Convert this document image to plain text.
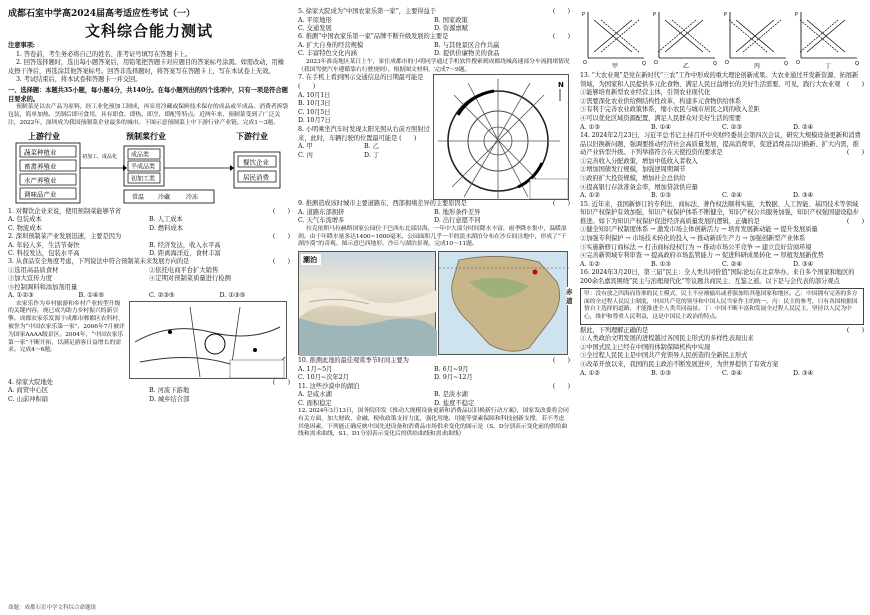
成都石室中学高2024届高考适应性考试（一）
文科综合能力测试
注意事项:
1. 答卷前，考生务必将自己的姓名、准考证号填写在答题卡上。
2. 回答选择题时，选出每小题答案后，用铅笔把答题卡对应题目的答案标号涂黑。如需改动，用橡皮擦干净后，再选涂其他答案标号。回答非选择题时，将答案写在答题卡上，写在本试卷上无效。
3. 考试结束后，将本试卷和答题卡一并交回。
一、选择题：本题共35小题，每小题4分，共140分。在每小题列出的四个选项中，只有一项是符合题目要求的。
预制菜是以农产品为原料，经工业化预加工制成，再采用冷藏或保鲜技术保存的成品或半成品。消费者拆袋包装，简单加热、烹制后即可食用，具有即食、即热、即烹、即配等特点。近两年来，预制菜受到了广泛关注，2022年，深圳成为我国预制菜企业最多的城市。下图示意预制菜上中下游行业产业链。完成1～3题。
上游行业	预制菜行业	下游行业
蔬菜种植业
畜禽养殖业
水产养殖业
调味品产业
成品类
半成品类
初加工类
初加工、成品化
餐饮企业
居民消费
常温 冷藏	冷冻
1. 对餐饮企业来说，使用预制菜能够节省	(　　)
A. 包装成本	B. 人工成本
C. 物流成本	D. 燃料成本
2. 深圳预制菜产业发展迅速，主要是因为	(　　)
A. 年轻人多，生活节奏快	B. 经济发达，收入水平高
C. 科技发达，包装水平高	D. 距离海洋近，食材丰富
3. 从食品安全角度考虑，下列说法中符合预制菜未来发展方向的是	(　　)
①选用高品质食材	②依托电商平台扩大销售
③加大宣传力度	④定期对预制菜质量进行检测
⑤控制调料和添加剂用量
A. ①②③	B. ①④⑤	C. ②③⑤	D. ①③⑤
农家乐作为乡村旅游和乡村产业转型升级的关键内容，现已成为助力乡村振兴的新引擎。成都农家乐发源于成都市郫都区农科村，被誉为“中国农家乐第一家”，2006年7月被评为国家AAAA级景区。2004年，“中国农家乐第一家”不断开拓，以满足游客日益增长的需求。完成4～6题。
4. 徐家大院地处	(　　)
A. 商贸中心区	B. 河流下游地
C. 山前冲积扇	D. 城乡结合部
5. 徐家大院成为“中国农家乐第一家”，主要得益于	(　　)
A. 平原地形	B. 国家政策
C. 交通发展	D. 资源禀赋
6. 推测“中国农家乐第一家”品牌不断升级发展的主要是	(　　)
A. 扩大自身的经营规模	B. 与其他景区合作共赢
C. 丰富特色文化内涵	D. 提供价廉物美的食品
2023年淮南地区某日上午，家住成都市的小明同学通过手机软件搜索到成都绕城高速部分车流拥堵情况（我国驾驶汽车遵循靠右行驶规则）。根据图文材料，完成7～9题。
7. 在手机上看到图示交通信息的日期最可能是 (　　)
A. 10月1日
B. 10月3日
C. 10月5日
D. 10月7日
8. 小明乘坐汽车时发现太阳光照从右前方照射过来，此时，车辆行驶的位置最可能是 (　　)
A. 甲	B. 乙
C. 丙	D. 丁
N
9. 推测造成该时城市主要道路东、西部拥堵差异的主要原因是	(　　)
A. 道路东部拥挤	B. 地形条件差异
C. 天气车流增多	D. 出行意愿不同
拉克依斯马拉赫斯国家公园位于巴西东北部沿海，一年中大部分时间降水丰富，雨季降水集中，温暖湿润。由于年降水量多达1400~1600毫米，公园面积几乎一半的淡水湖泊分布在沙丘间洼地中，形成了“千湖沙漠”的奇观。图示意巴西地形、沙丘与湖泊景观。完成10～11题。
潮泊
赤道
10. 推测此地的最佳观赏季节时间主要为	(　　)
A. 1月~5月	B. 6月~9月
C. 10月~次年2月	D. 9月~12月
11. 这些沙漠中的湖泊	(　　)
A. 是咸水湖	B. 是淡水湖
C. 面积稳定	D. 盐度不稳定
12. 2024年3月13日，国务院印发《推动大规模设备更新和消费品以旧换新行动方案》，国家发改委将会同有关方面，加大财政、金融、税收政策支持力度，强化用地、用能等要素保障和科技创新支撑。若不考虑其他因素，下列能正确反映中国先进设备和消费品市场供求变化的图示是（S、D分别表示变化前的供给曲线和需求曲线，S1、D1分别表示变化后的供给曲线和需求曲线）
P
Q
O	甲
P
Q
O	乙
P
Q
O	丙
P
Q
O	丁
13. “大农业观”是党在新时代“三农”工作中形成的重大理论创新成果。大农业通过开发新资源、拓展新领域，为国家和人民提供多元化食物、满足人民日益增长的美好生活需要。可见，践行大农业观 (　　)
①能够培育新型农业经营主体，引领农业现代化
②需要深化农业供给侧结构性改革，构建多元食物供给体系
③有利于完善农业政策体系，缩小农民与城市居民之间的收入差距
④可以优化区域资源配置，满足人民群众对美好生活的需要
A. ①③	B. ①④	C. ②③	D. ②④
14. 2024年2月23日，习近平总书记主持召开中央财经委员会第四次会议，研究大规模设备更新和消费品以旧换新问题，强调要推动经济社会高质量发展，提高消费率，促进消费品以旧换新、扩大内需，推动产业转型升级。下列举措符合在天使投资的要求是	(　　)
①完善收入分配政策，增加中低收入者收入
②增加国债发行规模，加强逆周期调节
③政府扩大投资规模，增加社会总供给
④提高银行存款准备金率，增加贷款供应量
A. ①②	B. ①③	C. ②④	D. ③④
15. 近年来，我国新修订的专利法、商标法、著作权法顺利实施，大数据、人工智能、基因技术等领域知识产权保护有效加强，知识产权保护体系不断健全，知识产权公共服务加强，知识产权强国建设稳步推进。如下为知识产权保护促进经济高质量发展的逻辑，正确的是	(　　)
①健全知识产权制度体系 → 激发市场主体创新活力 → 培育发展新动能 → 提升发展质量
②加强专利保护 → 市场技术转化的投入 → 推动新质生产力 → 加强创新型产业体系
③实施新修订商标法 → 打击商标侵权行为 → 推动市场公平竞争 → 建立良好营商环境
④完善新领域专利审查 → 提高政府市场监管能力 → 促进科研成果转化 → 厚植发展新优势
A. ①②	B. ①③	C. ②④	D. ③④
16. 2024年3月20日，第三届“民主：全人类共同价值”国际论坛在北京举办。来自多个国家和地区的200余名嘉宾围绕“民主与治理现代化”等议题共商民主、互鉴之道。以下是与会代表的部分观点
甲：没有放之四海而皆准的民主模式，民主不应被输出或者强加给其他国家和地区。乙：中国拥有完善的多方面的全过程人民民主制度，中国共产党的领导和中国人民当家作主的统一。丙：民主的参考，只有各国根据国情自主选择的道路，才能推进全人类共同福祉。丁：中国不断丰富和发展全过程人民民主，坚持以人民为中心，维护和尊重人民利益，这是中国民主政治的特点。
据此，下列理解正确的是	(　　)
①人类政治文明发展的进程越过各国民主形式的多样性表现出来
②中国式民主已经在中国的体制保障机构中实现
③全过程人民民主是中国共产党领导人民创造的全新民主形式
④改革开放以来，我国的民主政治不断发展进步，为世界提供了有效方案
A. ①②	B. ①③	C. ②④	D. ③④
命题：成都石室中学文科综合命题组
